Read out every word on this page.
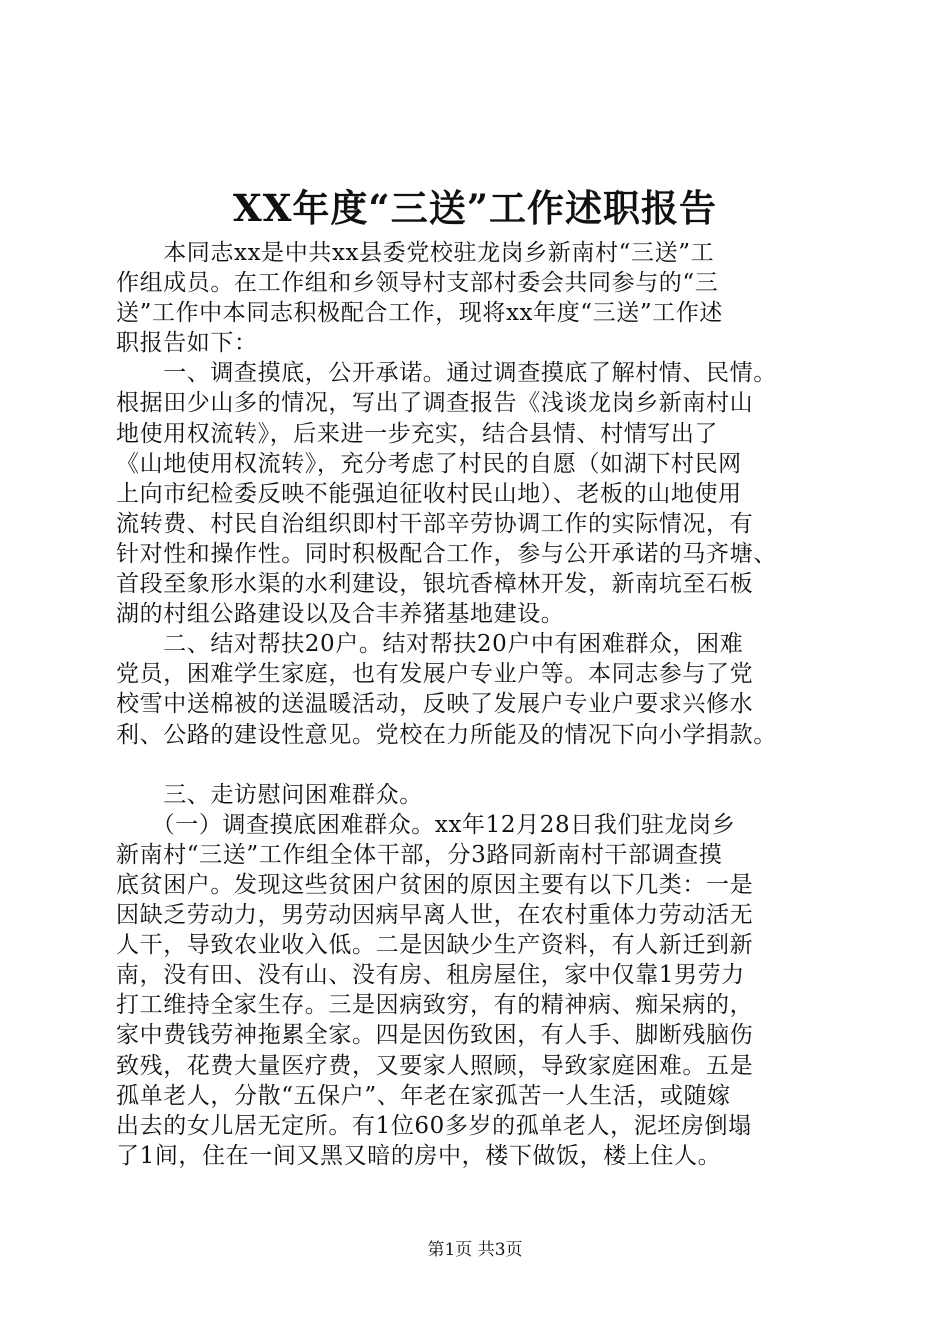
XX年度“三送”工作述职报告
　　本同志xx是中共xx县委党校驻龙岗乡新南村“三送”工
作组成员。在工作组和乡领导村支部村委会共同参与的“三
送”工作中本同志积极配合工作，现将xx年度“三送”工作述
职报告如下：
　　一、调查摸底，公开承诺。通过调查摸底了解村情、民情。
根据田少山多的情况，写出了调查报告《浅谈龙岗乡新南村山
地使用权流转》，后来进一步充实，结合县情、村情写出了
《山地使用权流转》，充分考虑了村民的自愿（如湖下村民网
上向市纪检委反映不能强迫征收村民山地）、老板的山地使用
流转费、村民自治组织即村干部辛劳协调工作的实际情况，有
针对性和操作性。同时积极配合工作，参与公开承诺的马齐塘、
首段至象形水渠的水利建设，银坑香樟林开发，新南坑至石板
湖的村组公路建设以及合丰养猪基地建设。
　　二、结对帮扶20户。结对帮扶20户中有困难群众，困难
党员，困难学生家庭，也有发展户专业户等。本同志参与了党
校雪中送棉被的送温暖活动，反映了发展户专业户要求兴修水
利、公路的建设性意见。党校在力所能及的情况下向小学捐款。
　　三、走访慰问困难群众。
　　（一）调查摸底困难群众。xx年12月28日我们驻龙岗乡
新南村“三送”工作组全体干部，分3路同新南村干部调查摸
底贫困户。发现这些贫困户贫困的原因主要有以下几类：一是
因缺乏劳动力，男劳动因病早离人世，在农村重体力劳动活无
人干，导致农业收入低。二是因缺少生产资料，有人新迁到新
南，没有田、没有山、没有房、租房屋住，家中仅靠1男劳力
打工维持全家生存。三是因病致穷，有的精神病、痴呆病的，
家中费钱劳神拖累全家。四是因伤致困，有人手、脚断残脑伤
致残，花费大量医疗费，又要家人照顾，导致家庭困难。五是
孤单老人，分散“五保户”、年老在家孤苦一人生活，或随嫁
出去的女儿居无定所。有1位60多岁的孤单老人，泥坯房倒塌
了1间，住在一间又黑又暗的房中，楼下做饭，楼上住人。
第1页 共3页
